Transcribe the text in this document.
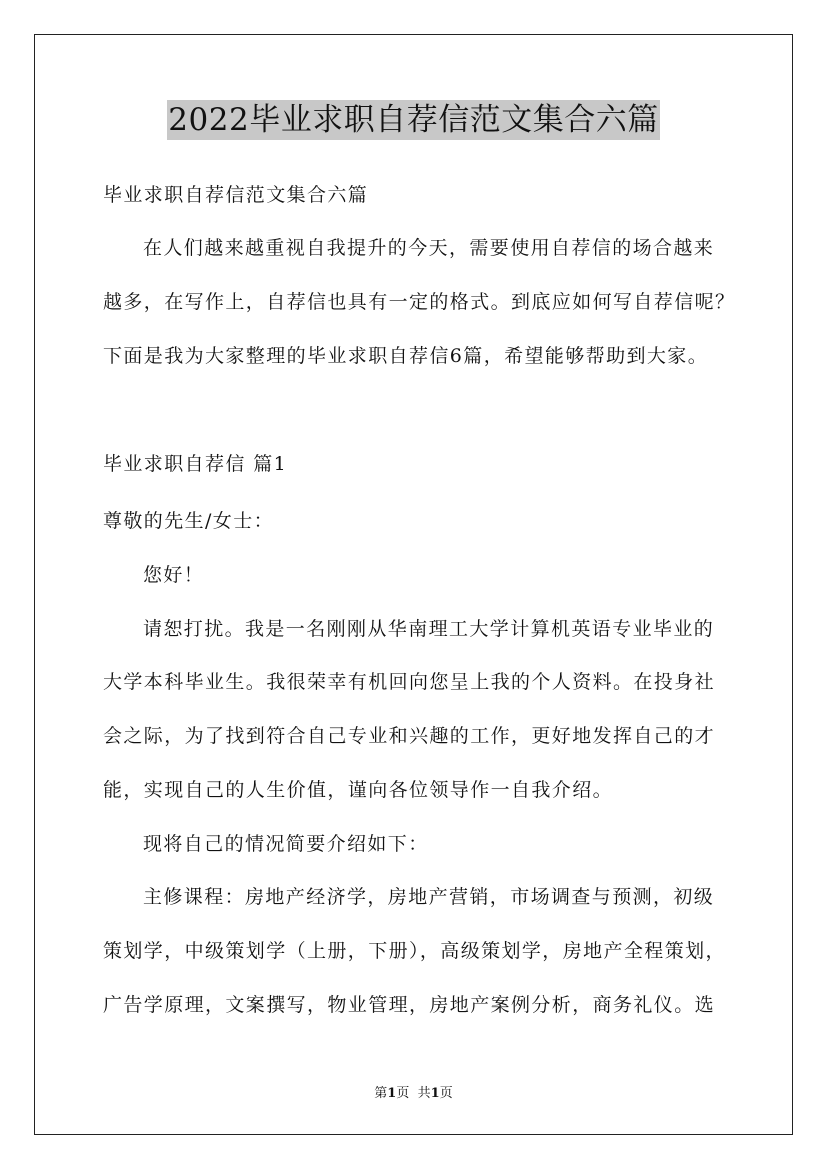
2022毕业求职自荐信范文集合六篇
毕业求职自荐信范文集合六篇
在人们越来越重视自我提升的今天，需要使用自荐信的场合越来
越多，在写作上，自荐信也具有一定的格式。到底应如何写自荐信呢？
下面是我为大家整理的毕业求职自荐信6篇，希望能够帮助到大家。
毕业求职自荐信 篇1
尊敬的先生/女士：
您好！
请恕打扰。我是一名刚刚从华南理工大学计算机英语专业毕业的
大学本科毕业生。我很荣幸有机回向您呈上我的个人资料。在投身社
会之际，为了找到符合自己专业和兴趣的工作，更好地发挥自己的才
能，实现自己的人生价值，谨向各位领导作一自我介绍。
现将自己的情况简要介绍如下：
主修课程：房地产经济学，房地产营销，市场调查与预测，初级
策划学，中级策划学（上册，下册），高级策划学，房地产全程策划，
广告学原理，文案撰写，物业管理，房地产案例分析，商务礼仪。选
第1页 共1页
